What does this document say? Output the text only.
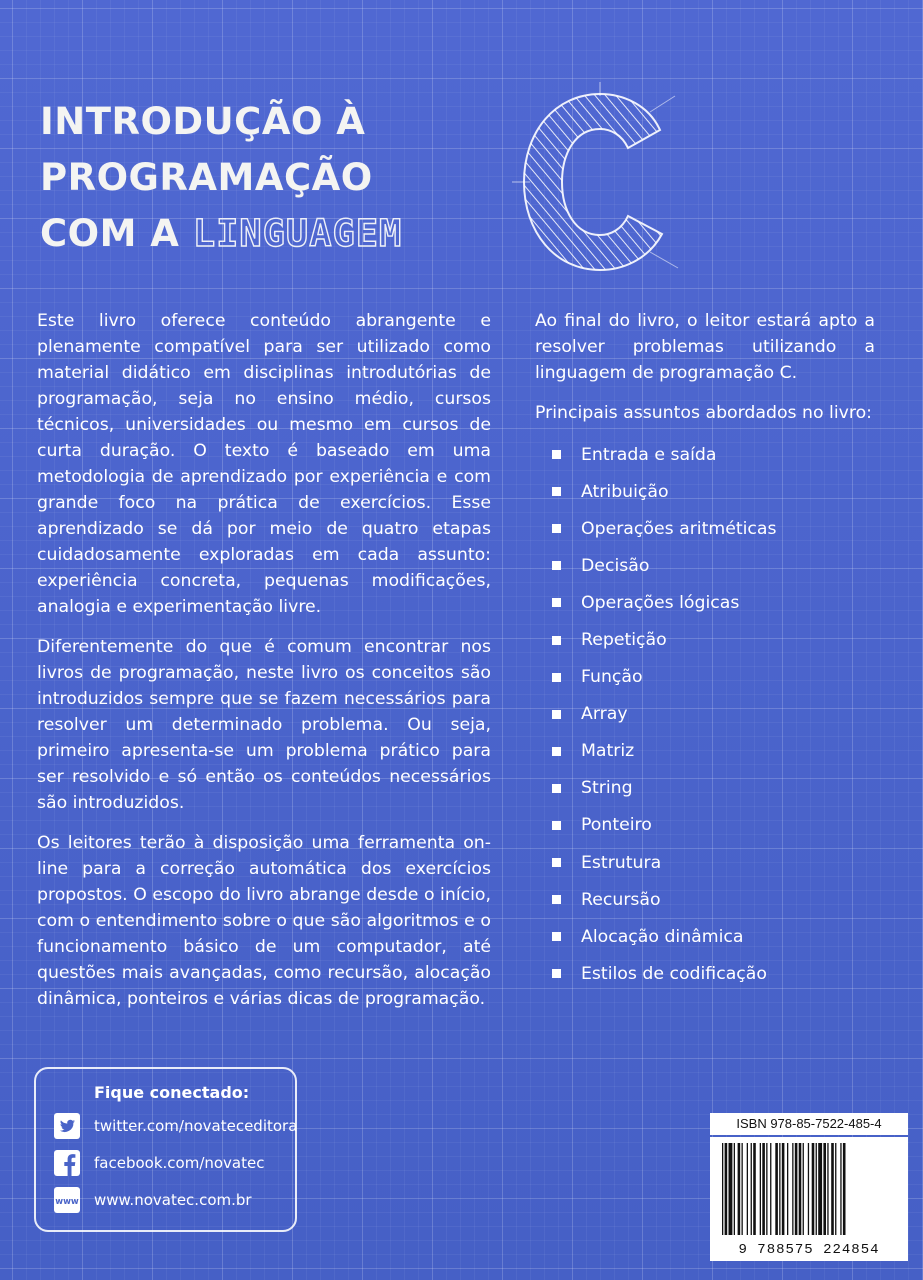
INTRODUÇÃO À
PROGRAMAÇÃO
COM A LINGUAGEM

Este livro oferece conteúdo abrangente e plenamente compatível para ser utilizado como material didático em disciplinas introdutórias de programação, seja no ensino médio, cursos técnicos, universidades ou mesmo em cursos de curta duração. O texto é baseado em uma metodologia de aprendizado por experiência e com grande foco na prática de exercícios. Esse aprendizado se dá por meio de quatro etapas cuidadosamente exploradas em cada assunto: experiência concreta, pequenas modificações, analogia e experimentação livre.

Diferentemente do que é comum encontrar nos livros de programação, neste livro os conceitos são introduzidos sempre que se fazem necessários para resolver um determinado problema. Ou seja, primeiro apresenta-se um problema prático para ser resolvido e só então os conteúdos necessários são introduzidos.

Os leitores terão à disposição uma ferramenta on-line para a correção automática dos exercícios propostos. O escopo do livro abrange desde o início, com o entendimento sobre o que são algoritmos e o funcionamento básico de um computador, até questões mais avançadas, como recursão, alocação dinâmica, ponteiros e várias dicas de programação.

Ao final do livro, o leitor estará apto a resolver problemas utilizando a linguagem de programação C.

Principais assuntos abordados no livro:

Entrada e saída
Atribuição
Operações aritméticas
Decisão
Operações lógicas
Repetição
Função
Array
Matriz
String
Ponteiro
Estrutura
Recursão
Alocação dinâmica
Estilos de codificação
Fique conectado:
twitter.com/novateceditora
facebook.com/novatec
www www.novatec.com.br
ISBN 978-85-7522-485-4
9 788575 224854
